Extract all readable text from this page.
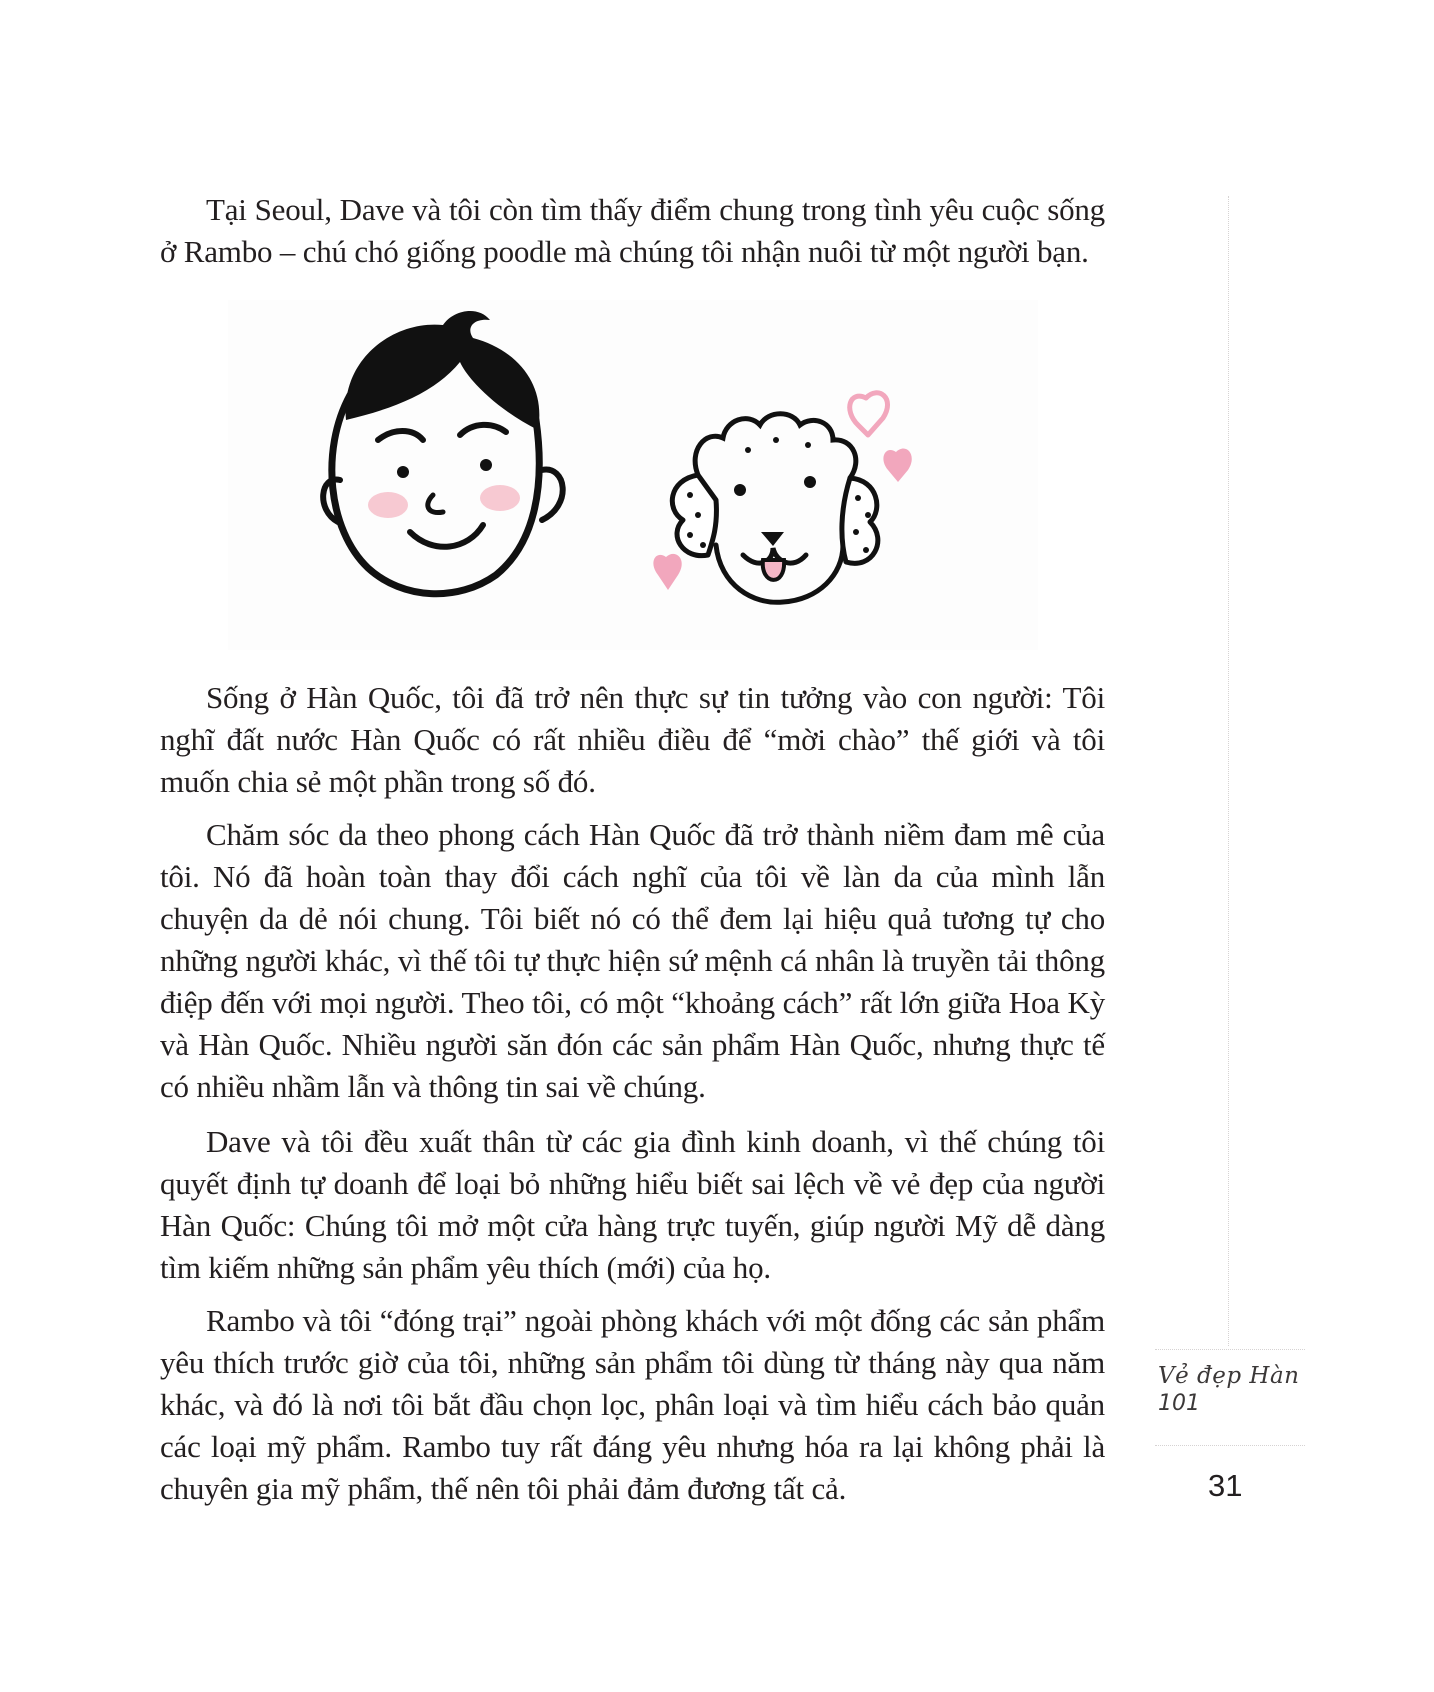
Tại Seoul, Dave và tôi còn tìm thấy điểm chung trong tình yêu cuộc sống ở Rambo – chú chó giống poodle mà chúng tôi nhận nuôi từ một người bạn.

Sống ở Hàn Quốc, tôi đã trở nên thực sự tin tưởng vào con người: Tôi nghĩ đất nước Hàn Quốc có rất nhiều điều để “mời chào” thế giới và tôi muốn chia sẻ một phần trong số đó.

Chăm sóc da theo phong cách Hàn Quốc đã trở thành niềm đam mê của tôi. Nó đã hoàn toàn thay đổi cách nghĩ của tôi về làn da của mình lẫn chuyện da dẻ nói chung. Tôi biết nó có thể đem lại hiệu quả tương tự cho những người khác, vì thế tôi tự thực hiện sứ mệnh cá nhân là truyền tải thông điệp đến với mọi người. Theo tôi, có một “khoảng cách” rất lớn giữa Hoa Kỳ và Hàn Quốc. Nhiều người săn đón các sản phẩm Hàn Quốc, nhưng thực tế có nhiều nhầm lẫn và thông tin sai về chúng.

Dave và tôi đều xuất thân từ các gia đình kinh doanh, vì thế chúng tôi quyết định tự doanh để loại bỏ những hiểu biết sai lệch về vẻ đẹp của người Hàn Quốc: Chúng tôi mở một cửa hàng trực tuyến, giúp người Mỹ dễ dàng tìm kiếm những sản phẩm yêu thích (mới) của họ.

Rambo và tôi “đóng trại” ngoài phòng khách với một đống các sản phẩm yêu thích trước giờ của tôi, những sản phẩm tôi dùng từ tháng này qua năm khác, và đó là nơi tôi bắt đầu chọn lọc, phân loại và tìm hiểu cách bảo quản các loại mỹ phẩm. Rambo tuy rất đáng yêu nhưng hóa ra lại không phải là chuyên gia mỹ phẩm, thế nên tôi phải đảm đương tất cả.

Vẻ đẹp Hàn
101
31
